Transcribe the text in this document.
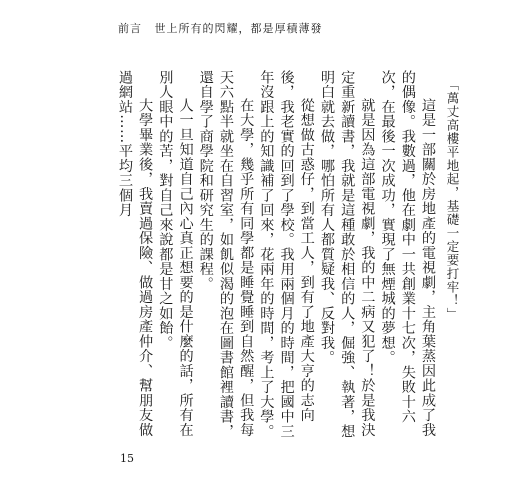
前言 世上所有的閃耀，都是厚積薄發
「萬丈高樓平地起，基礎一定要打牢！」

這是一部關於房地產的電視劇，主角葉蒸因此成了我的偶像。我數過，他在劇中一共創業十七次，失敗十六次，在最後一次成功，實現了無煙城的夢想。

就是因為這部電視劇，我的中二病又犯了！於是我決定重新讀書，我就是這種敢於相信的人，倔強、執著，想明白就去做，哪怕所有人都質疑我、反對我。

從想做古惑仔，到當工人，到有了地產大亨的志向後，我老實的回到了學校。我用兩個月的時間，把國中三年沒跟上的知識補了回來，花兩年的時間，考上了大學。

在大學，幾乎所有同學都是睡覺睡到自然醒，但我每天六點半就坐在自習室，如飢似渴的泡在圖書館裡讀書，還自學了商學院和研究生的課程。

人一旦知道自己內心真正想要的是什麼的話，所有在別人眼中的苦，對自己來說都是甘之如飴。

大學畢業後，我賣過保險、做過房產仲介、幫朋友做過網站……平均三個月

15
